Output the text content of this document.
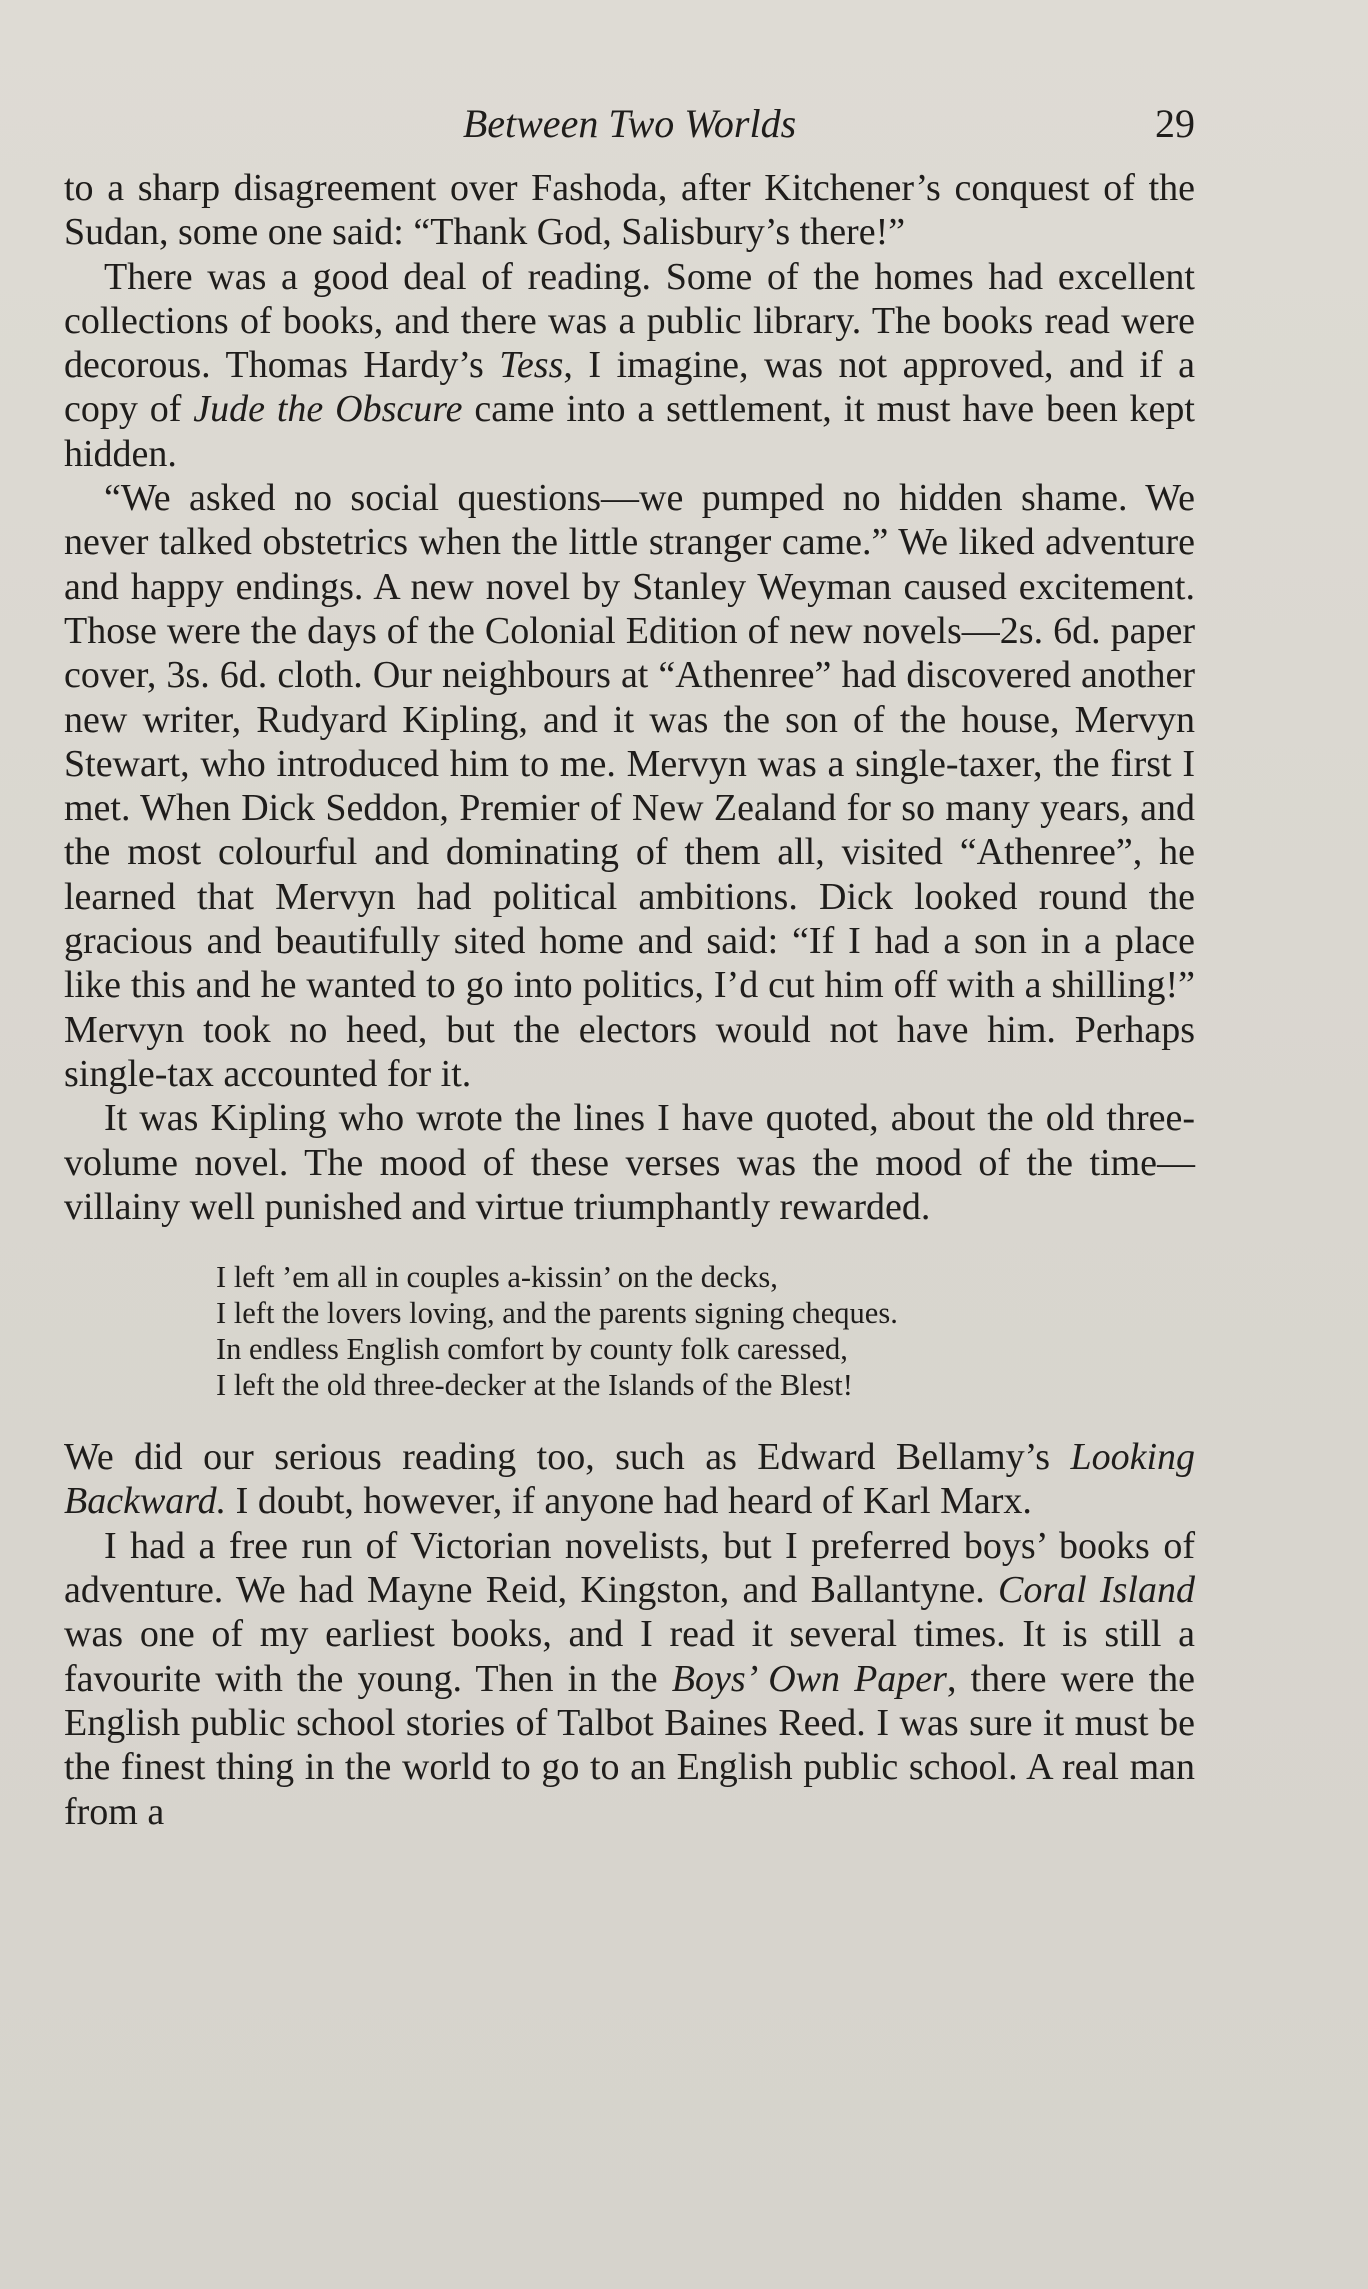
Between Two Worlds	29

to a sharp disagreement over Fashoda, after Kitchener’s conquest of the Sudan, some one said: “Thank God, Salisbury’s there!”

There was a good deal of reading. Some of the homes had excellent collections of books, and there was a public library. The books read were decorous. Thomas Hardy’s Tess, I imagine, was not approved, and if a copy of Jude the Obscure came into a settlement, it must have been kept hidden.

“We asked no social questions—we pumped no hidden shame. We never talked obstetrics when the little stranger came.” We liked adventure and happy endings. A new novel by Stanley Weyman caused excitement. Those were the days of the Colonial Edition of new novels—2s. 6d. paper cover, 3s. 6d. cloth. Our neighbours at “Athenree” had discovered another new writer, Rudyard Kipling, and it was the son of the house, Mervyn Stewart, who introduced him to me. Mervyn was a single-taxer, the first I met. When Dick Seddon, Premier of New Zealand for so many years, and the most colourful and dominating of them all, visited “Athenree”, he learned that Mervyn had political ambitions. Dick looked round the gracious and beautifully sited home and said: “If I had a son in a place like this and he wanted to go into politics, I’d cut him off with a shilling!” Mervyn took no heed, but the electors would not have him. Perhaps single-tax accounted for it.

It was Kipling who wrote the lines I have quoted, about the old three-volume novel. The mood of these verses was the mood of the time—villainy well punished and virtue triumphantly rewarded.

I left ’em all in couples a-kissin’ on the decks,
I left the lovers loving, and the parents signing cheques.
In endless English comfort by county folk caressed,
I left the old three-decker at the Islands of the Blest!

We did our serious reading too, such as Edward Bellamy’s Looking Backward. I doubt, however, if anyone had heard of Karl Marx.

I had a free run of Victorian novelists, but I preferred boys’ books of adventure. We had Mayne Reid, Kingston, and Ballantyne. Coral Island was one of my earliest books, and I read it several times. It is still a favourite with the young. Then in the Boys’ Own Paper, there were the English public school stories of Talbot Baines Reed. I was sure it must be the finest thing in the world to go to an English public school. A real man from a
